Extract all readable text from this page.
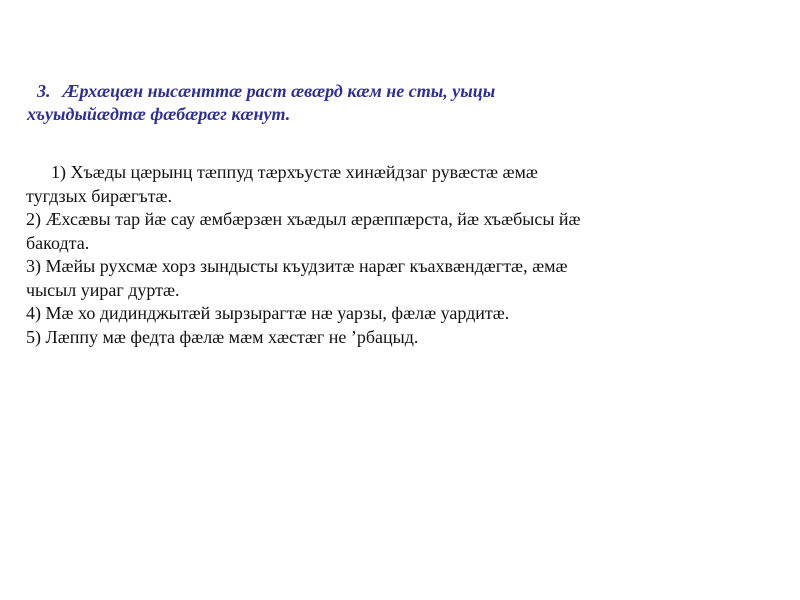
3. Ӕрхæцæн нысæнттæ раст æвæрд кæм не сты, уыцы
хъуыдыйæдтæ фæбæрæг кæнут.

1) Хъæды цæрынц тæппуд тæрхъустæ хинæйдзаг рувæстæ æмæ
тугдзых бирæгътæ.
2) Ӕхсæвы тар йæ сау æмбæрзæн хъæдыл æрæппæрста, йæ хъæбысы йæ
бакодта.
3) Мæйы рухсмæ хорз зындысты къудзитæ нарæг къахвæндæгтæ, æмæ
чысыл уираг дуртæ.
4) Мæ хо дидинджытæй зырзырагтæ нæ уарзы, фæлæ уардитæ.
5) Лæппу мæ федта фæлæ мæм хæстæг не ’рбацыд.
